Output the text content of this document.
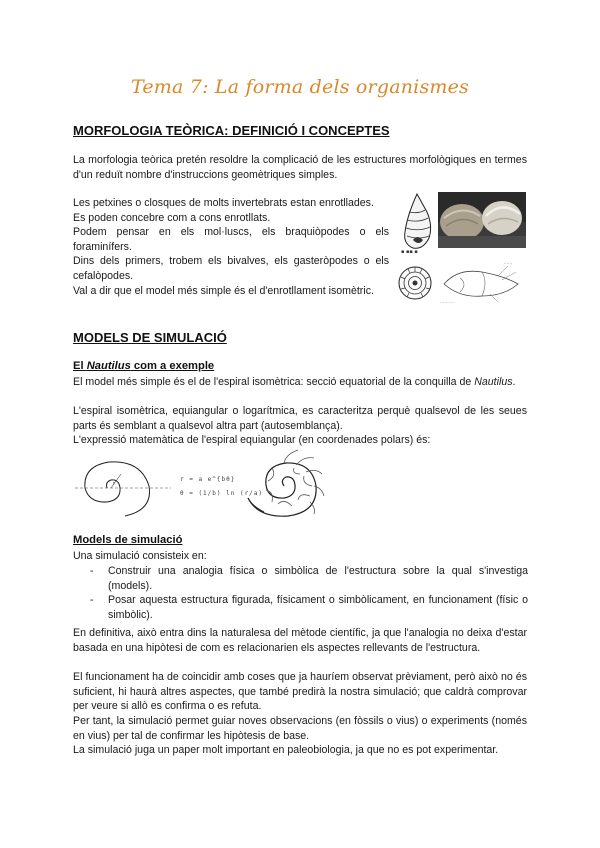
Tema 7: La forma dels organismes
MORFOLOGIA TEÒRICA: DEFINICIÓ I CONCEPTES
La morfologia teòrica pretén resoldre la complicació de les estructures morfològiques en termes d'un reduït nombre d'instruccions geomètriques simples.
Les petxines o closques de molts invertebrats estan enrotllades.
Es poden concebre com a cons enrotllats.
Podem pensar en els mol·luscs, els braquiòpodes o els foraminífers.
Dins dels primers, trobem els bivalves, els gasteròpodes o els cefalòpodes.
Val a dir que el model més simple és el d'enrotllament isomètric.
▪ ▪▪ ▪
- - -
- - - - -
MODELS DE SIMULACIÓ
El Nautilus com a exemple
El model més simple és el de l'espiral isomètrica: secció equatorial de la conquilla de Nautilus.
L'espiral isomètrica, equiangular o logarítmica, es caracteritza perquè qualsevol de les seues parts és semblant a qualsevol altra part (autosemblança).
L'expressió matemàtica de l'espiral equiangular (en coordenades polars) és:
r
r = a e^{bθ}
θ = (1/b) ln (r/a)
Models de simulació
Una simulació consisteix en:
- Construir una analogia física o simbòlica de l'estructura sobre la qual s'investiga (models).
- Posar aquesta estructura figurada, físicament o simbòlicament, en funcionament (físic o simbòlic).
En definitiva, això entra dins la naturalesa del mètode científic, ja que l'analogia no deixa d'estar basada en una hipòtesi de com es relacionarien els aspectes rellevants de l'estructura.
El funcionament ha de coincidir amb coses que ja hauríem observat prèviament, però això no és suficient, hi haurà altres aspectes, que també predirà la nostra simulació; que caldrà comprovar per veure si allò es confirma o es refuta.
Per tant, la simulació permet guiar noves observacions (en fòssils o vius) o experiments (només en vius) per tal de confirmar les hipòtesis de base.
La simulació juga un paper molt important en paleobiologia, ja que no es pot experimentar.
